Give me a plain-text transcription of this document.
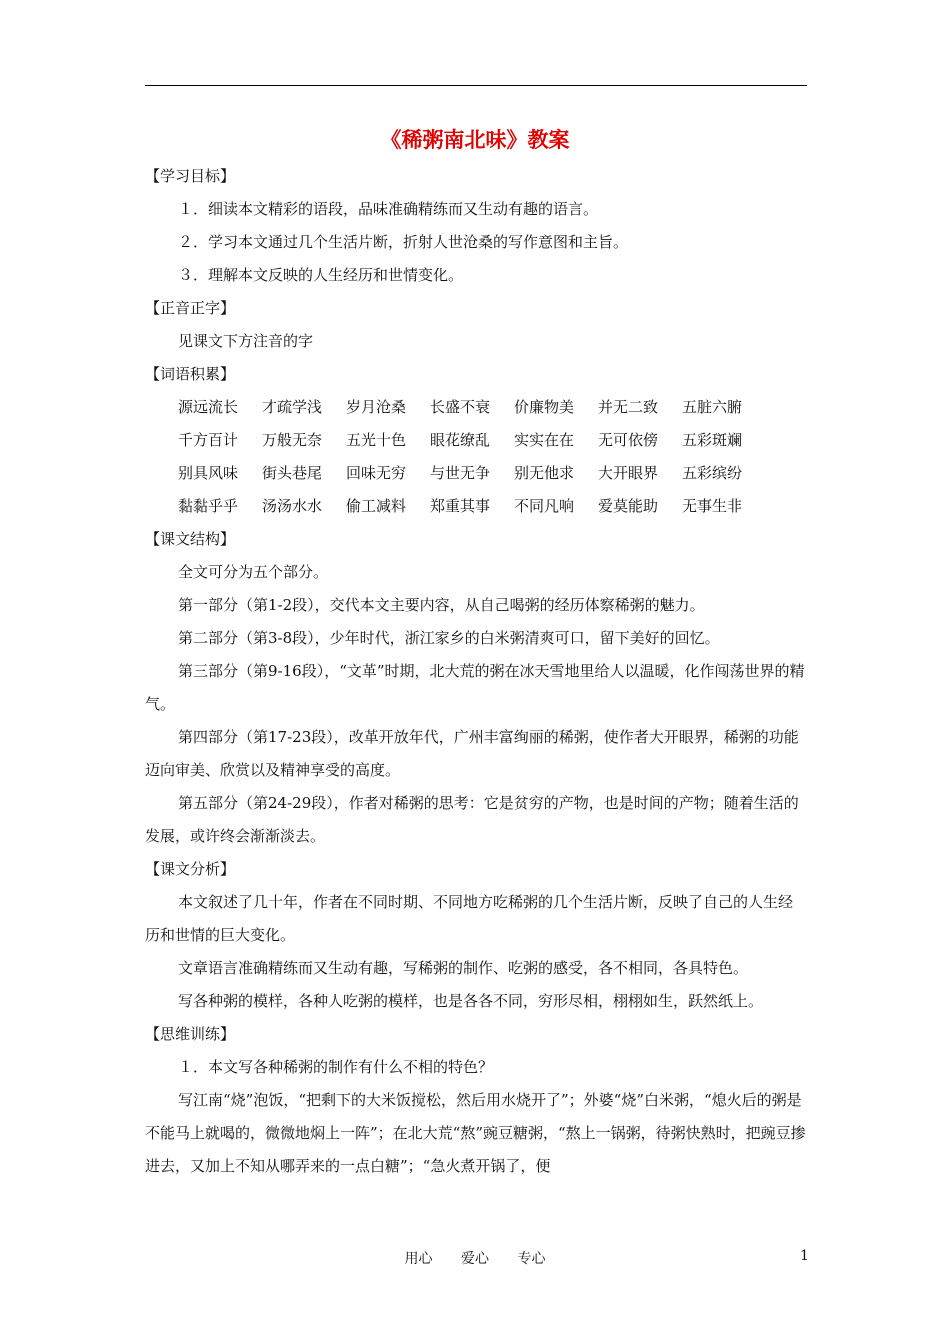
《稀粥南北味》教案

【学习目标】

１．细读本文精彩的语段，品味准确精练而又生动有趣的语言。

２．学习本文通过几个生活片断，折射人世沧桑的写作意图和主旨。

３．理解本文反映的人生经历和世情变化。

【正音正字】

见课文下方注音的字

【词语积累】

源远流长	才疏学浅	岁月沧桑	长盛不衰	价廉物美	并无二致	五脏六腑
千方百计	万般无奈	五光十色	眼花缭乱	实实在在	无可依傍	五彩斑斓
别具风味	街头巷尾	回味无穷	与世无争	别无他求	大开眼界	五彩缤纷
黏黏乎乎	汤汤水水	偷工减料	郑重其事	不同凡响	爱莫能助	无事生非

【课文结构】

全文可分为五个部分。

第一部分（第1-2段），交代本文主要内容，从自己喝粥的经历体察稀粥的魅力。

第二部分（第3-8段），少年时代，浙江家乡的白米粥清爽可口，留下美好的回忆。

第三部分（第9-16段），“文革”时期，北大荒的粥在冰天雪地里给人以温暖，化作闯荡世界的精气。

第四部分（第17-23段），改革开放年代，广州丰富绚丽的稀粥，使作者大开眼界，稀粥的功能迈向审美、欣赏以及精神享受的高度。

第五部分（第24-29段），作者对稀粥的思考：它是贫穷的产物，也是时间的产物；随着生活的发展，或许终会渐渐淡去。

【课文分析】

本文叙述了几十年，作者在不同时期、不同地方吃稀粥的几个生活片断，反映了自己的人生经历和世情的巨大变化。

文章语言准确精练而又生动有趣，写稀粥的制作、吃粥的感受，各不相同，各具特色。

写各种粥的模样，各种人吃粥的模样，也是各各不同，穷形尽相，栩栩如生，跃然纸上。

【思维训练】

１．本文写各种稀粥的制作有什么不相的特色？

写江南“烧”泡饭，“把剩下的大米饭搅松，然后用水烧开了”；外婆“烧”白米粥，“熄火后的粥是不能马上就喝的，微微地焖上一阵”；在北大荒“熬”豌豆糖粥，“熬上一锅粥，待粥快熟时，把豌豆掺进去，又加上不知从哪弄来的一点白糖”；“急火煮开锅了，便

用心 爱心 专心	1
